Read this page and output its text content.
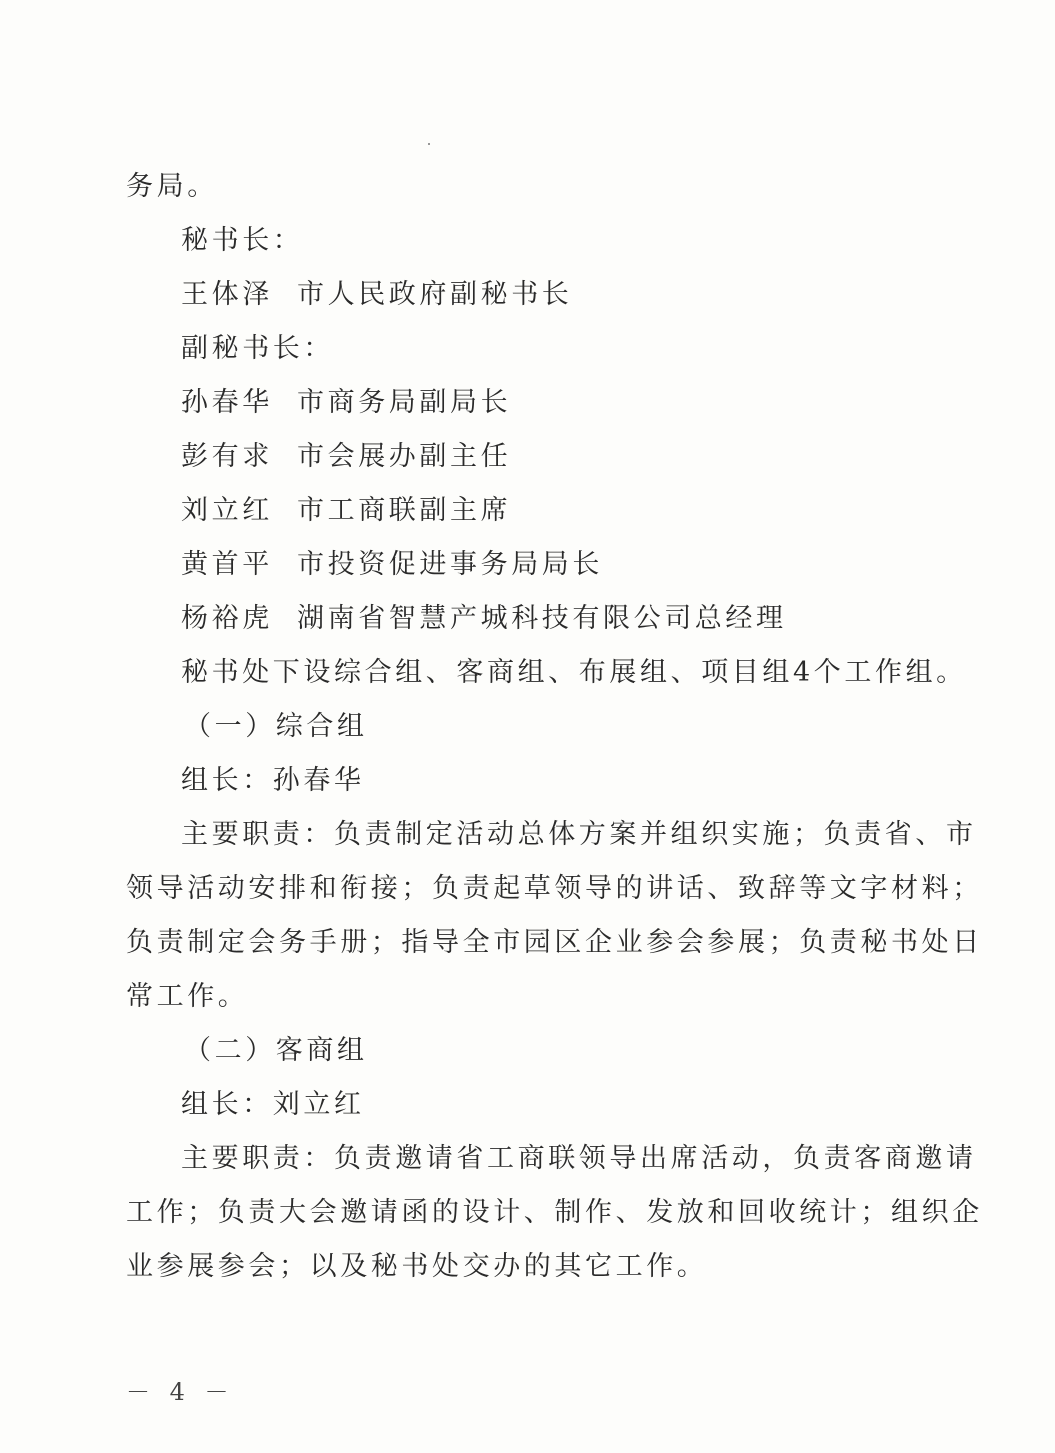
务局。
秘书长：
王体泽 市人民政府副秘书长
副秘书长：
孙春华 市商务局副局长
彭有求 市会展办副主任
刘立红 市工商联副主席
黄首平 市投资促进事务局局长
杨裕虎 湖南省智慧产城科技有限公司总经理
秘书处下设综合组、客商组、布展组、项目组4个工作组。
（一）综合组
组长：孙春华
主要职责：负责制定活动总体方案并组织实施；负责省、市
领导活动安排和衔接；负责起草领导的讲话、致辞等文字材料；
负责制定会务手册；指导全市园区企业参会参展；负责秘书处日
常工作。
（二）客商组
组长：刘立红
主要职责：负责邀请省工商联领导出席活动，负责客商邀请
工作；负责大会邀请函的设计、制作、发放和回收统计；组织企
业参展参会；以及秘书处交办的其它工作。
－ 4 －
